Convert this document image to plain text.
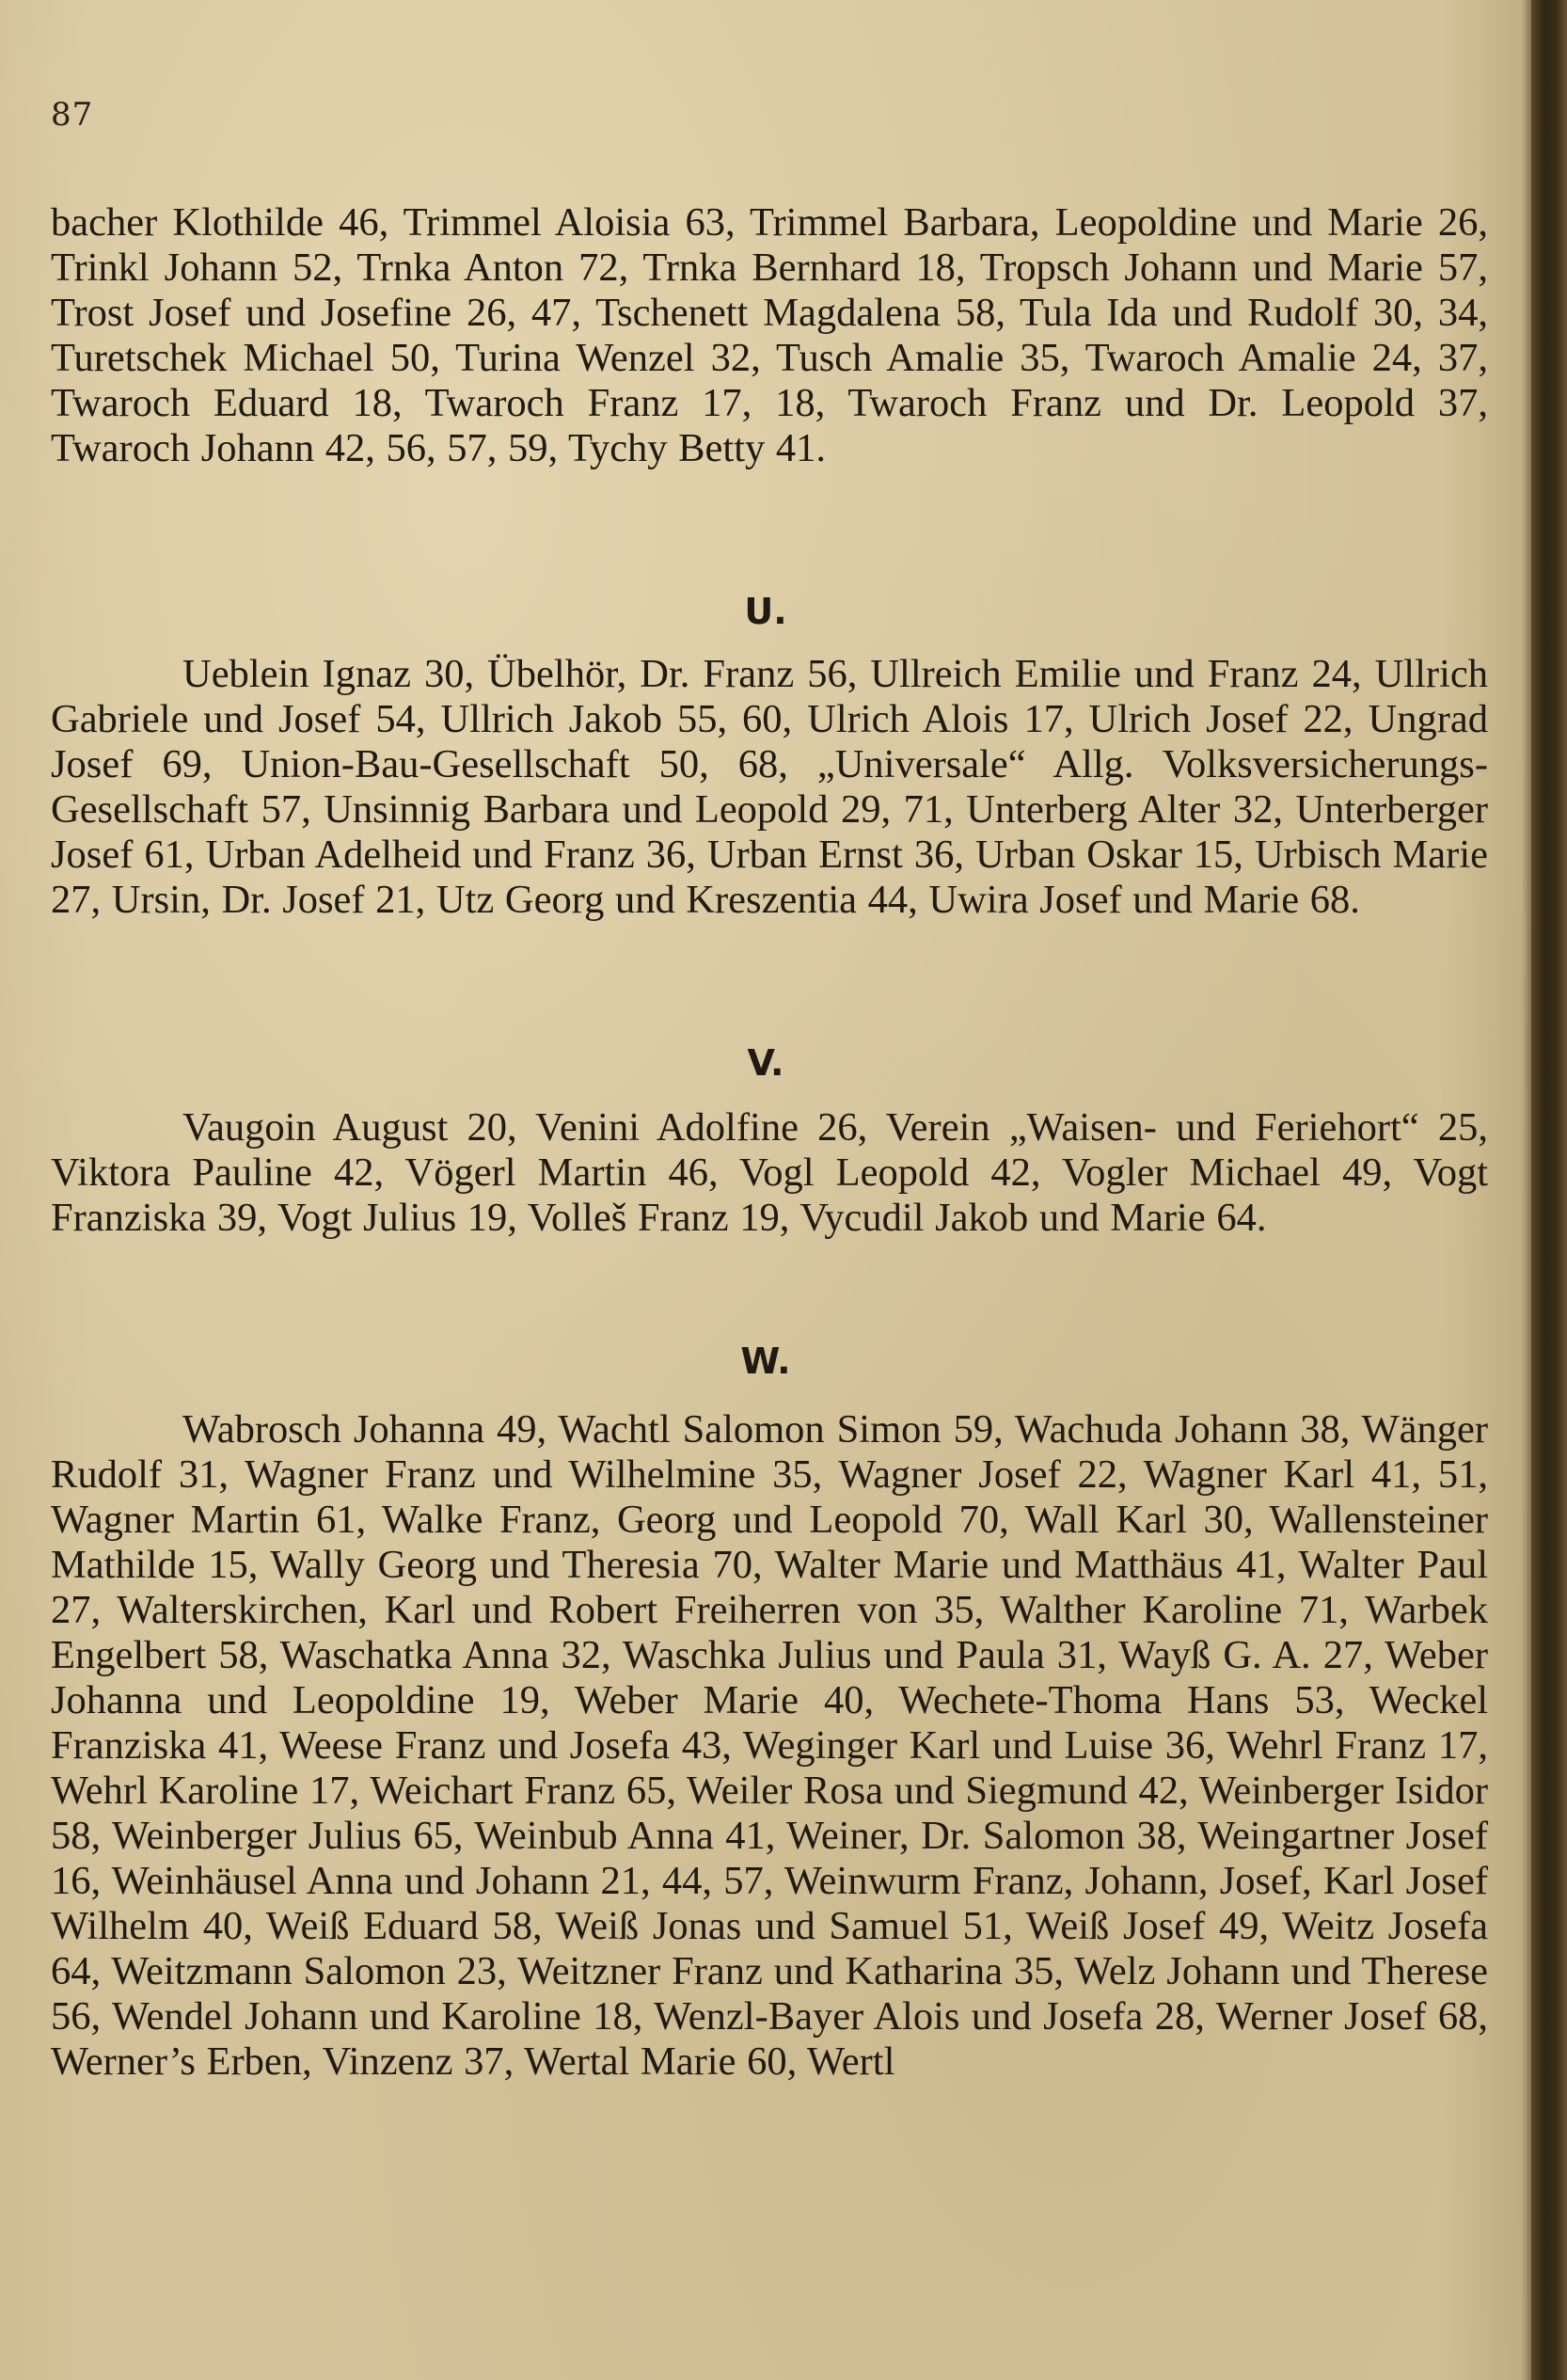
87
bacher Klothilde 46, Trimmel Aloisia 63, Trimmel Barbara, Leopoldine und Marie 26, Trinkl Johann 52, Trnka Anton 72, Trnka Bernhard 18, Tropsch Johann und Marie 57, Trost Josef und Josefine 26, 47, Tschenett Magdalena 58, Tula Ida und Rudolf 30, 34, Turetschek Michael 50, Turina Wenzel 32, Tusch Amalie 35, Twaroch Amalie 24, 37, Twaroch Eduard 18, Twaroch Franz 17, 18, Twaroch Franz und Dr. Leopold 37, Twaroch Johann 42, 56, 57, 59, Tychy Betty 41.
U.
Ueblein Ignaz 30, Übelhör, Dr. Franz 56, Ullreich Emilie und Franz 24, Ullrich Gabriele und Josef 54, Ullrich Jakob 55, 60, Ulrich Alois 17, Ulrich Josef 22, Ungrad Josef 69, Union-Bau-Gesellschaft 50, 68, „Universale“ Allg. Volksversicherungs-Gesellschaft 57, Unsinnig Barbara und Leopold 29, 71, Unterberg Alter 32, Unterberger Josef 61, Urban Adelheid und Franz 36, Urban Ernst 36, Urban Oskar 15, Urbisch Marie 27, Ursin, Dr. Josef 21, Utz Georg und Kreszentia 44, Uwira Josef und Marie 68.
V.
Vaugoin August 20, Venini Adolfine 26, Verein „Waisen- und Feriehort“ 25, Viktora Pauline 42, Vögerl Martin 46, Vogl Leopold 42, Vogler Michael 49, Vogt Franziska 39, Vogt Julius 19, Volleš Franz 19, Vycudil Jakob und Marie 64.
W.
Wabrosch Johanna 49, Wachtl Salomon Simon 59, Wachuda Johann 38, Wänger Rudolf 31, Wagner Franz und Wilhelmine 35, Wagner Josef 22, Wagner Karl 41, 51, Wagner Martin 61, Walke Franz, Georg und Leopold 70, Wall Karl 30, Wallensteiner Mathilde 15, Wally Georg und Theresia 70, Walter Marie und Matthäus 41, Walter Paul 27, Walterskirchen, Karl und Robert Freiherren von 35, Walther Karoline 71, Warbek Engelbert 58, Waschatka Anna 32, Waschka Julius und Paula 31, Wayß G. A. 27, Weber Johanna und Leopoldine 19, Weber Marie 40, Wechete-Thoma Hans 53, Weckel Franziska 41, Weese Franz und Josefa 43, Weginger Karl und Luise 36, Wehrl Franz 17, Wehrl Karoline 17, Weichart Franz 65, Weiler Rosa und Siegmund 42, Weinberger Isidor 58, Weinberger Julius 65, Weinbub Anna 41, Weiner, Dr. Salomon 38, Weingartner Josef 16, Weinhäusel Anna und Johann 21, 44, 57, Weinwurm Franz, Johann, Josef, Karl Josef Wilhelm 40, Weiß Eduard 58, Weiß Jonas und Samuel 51, Weiß Josef 49, Weitz Josefa 64, Weitzmann Salomon 23, Weitzner Franz und Katharina 35, Welz Johann und Therese 56, Wendel Johann und Karoline 18, Wenzl-Bayer Alois und Josefa 28, Werner Josef 68, Werner’s Erben, Vinzenz 37, Wertal Marie 60, Wertl
